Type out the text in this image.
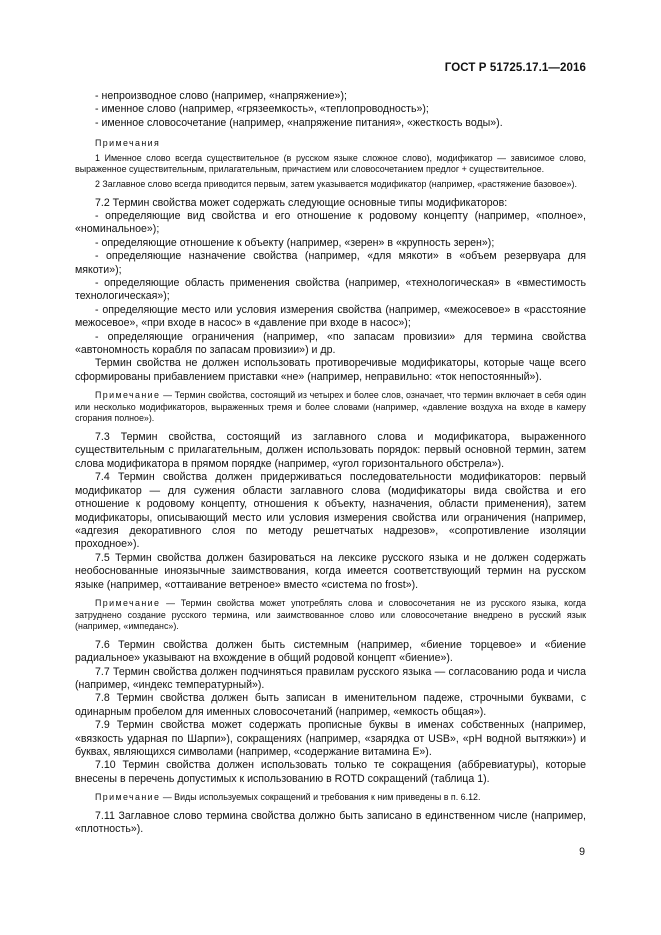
ГОСТ Р 51725.17.1—2016

- непроизводное слово (например, «напряжение»);

- именное слово (например, «грязеемкость», «теплопроводность»);

- именное словосочетание (например, «напряжение питания», «жесткость воды»).

Примечания

1 Именное слово всегда существительное (в русском языке сложное слово), модификатор — зависимое слово, выраженное существительным, прилагательным, причастием или словосочетанием предлог + существительное.

2 Заглавное слово всегда приводится первым, затем указывается модификатор (например, «растяжение базовое»).

7.2 Термин свойства может содержать следующие основные типы модификаторов:

- определяющие вид свойства и его отношение к родовому концепту (например, «полное», «номинальное»);

- определяющие отношение к объекту (например, «зерен» в «крупность зерен»);

- определяющие назначение свойства (например, «для мякоти» в «объем резервуара для мякоти»);

- определяющие область применения свойства (например, «технологическая» в «вместимость технологическая»);

- определяющие место или условия измерения свойства (например, «межосевое» в «расстояние межосевое», «при входе в насос» в «давление при входе в насос»);

- определяющие ограничения (например, «по запасам провизии» для термина свойства «автономность корабля по запасам провизии») и др.

Термин свойства не должен использовать противоречивые модификаторы, которые чаще всего сформированы прибавлением приставки «не» (например, неправильно: «ток непостоянный»).

Примечание — Термин свойства, состоящий из четырех и более слов, означает, что термин включает в себя один или несколько модификаторов, выраженных тремя и более словами (например, «давление воздуха на входе в камеру сгорания полное»).

7.3 Термин свойства, состоящий из заглавного слова и модификатора, выраженного существительным с прилагательным, должен использовать порядок: первый основной термин, затем слова модификатора в прямом порядке (например, «угол горизонтального обстрела»).

7.4 Термин свойства должен придерживаться последовательности модификаторов: первый модификатор — для сужения области заглавного слова (модификаторы вида свойства и его отношение к родовому концепту, отношения к объекту, назначения, области применения), затем модификаторы, описывающий место или условия измерения свойства или ограничения (например, «адгезия декоративного слоя по методу решетчатых надрезов», «сопротивление изоляции проходное»).

7.5 Термин свойства должен базироваться на лексике русского языка и не должен содержать необоснованные иноязычные заимствования, когда имеется соответствующий термин на русском языке (например, «оттаивание ветреное» вместо «система no frost»).

Примечание — Термин свойства может употреблять слова и словосочетания не из русского языка, когда затруднено создание русского термина, или заимствованное слово или словосочетание внедрено в русский язык (например, «импеданс»).

7.6 Термин свойства должен быть системным (например, «биение торцевое» и «биение радиальное» указывают на вхождение в общий родовой концепт «биение»).

7.7 Термин свойства должен подчиняться правилам русского языка — согласованию рода и числа (например, «индекс температурный»).

7.8 Термин свойства должен быть записан в именительном падеже, строчными буквами, с одинарным пробелом для именных словосочетаний (например, «емкость общая»).

7.9 Термин свойства может содержать прописные буквы в именах собственных (например, «вязкость ударная по Шарпи»), сокращениях (например, «зарядка от USB», «pH водной вытяжки») и буквах, являющихся символами (например, «содержание витамина Е»).

7.10 Термин свойства должен использовать только те сокращения (аббревиатуры), которые внесены в перечень допустимых к использованию в ROTD сокращений (таблица 1).

Примечание — Виды используемых сокращений и требования к ним приведены в п. 6.12.

7.11 Заглавное слово термина свойства должно быть записано в единственном числе (например, «плотность»).

9
